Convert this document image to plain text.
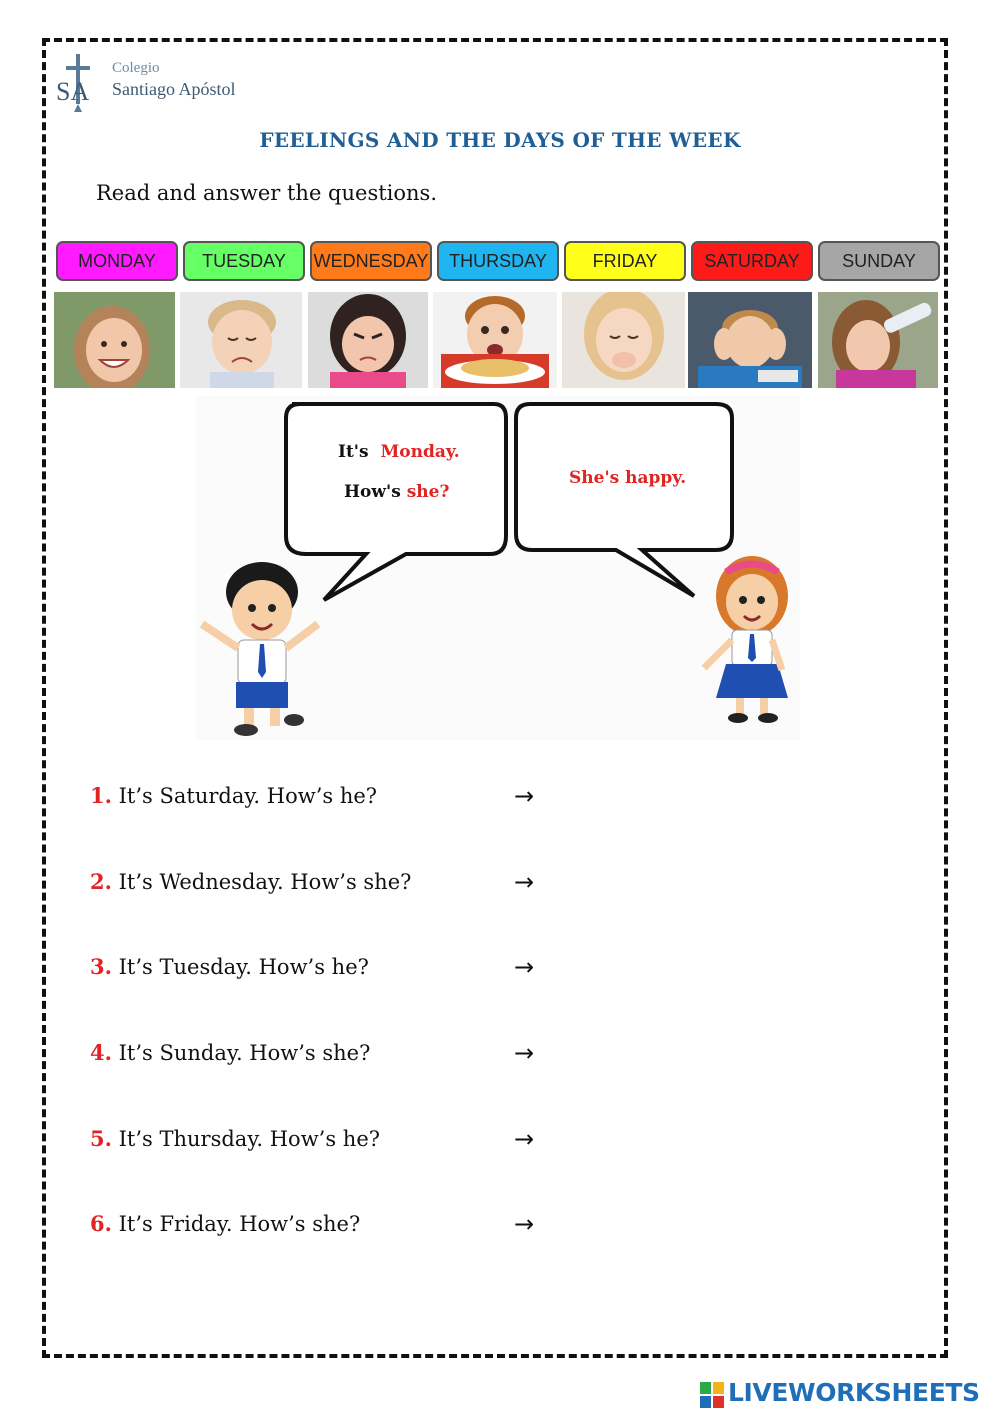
SA
Colegio
Santiago Apóstol
FEELINGS AND THE DAYS OF THE WEEK
Read and answer the questions.
MONDAY	TUESDAY WEDNESDAY THURSDAY	FRIDAY	SATURDAY SUNDAY
It's Monday.
How's she?
She's happy.
1. It’s Saturday. How’s he?	→
2. It’s Wednesday. How’s she?	→
3. It’s Tuesday. How’s he?	→
4. It’s Sunday. How’s she?	→
5. It’s Thursday. How’s he?	→
6. It’s Friday. How’s she?	→
LIVEWORKSHEETS
